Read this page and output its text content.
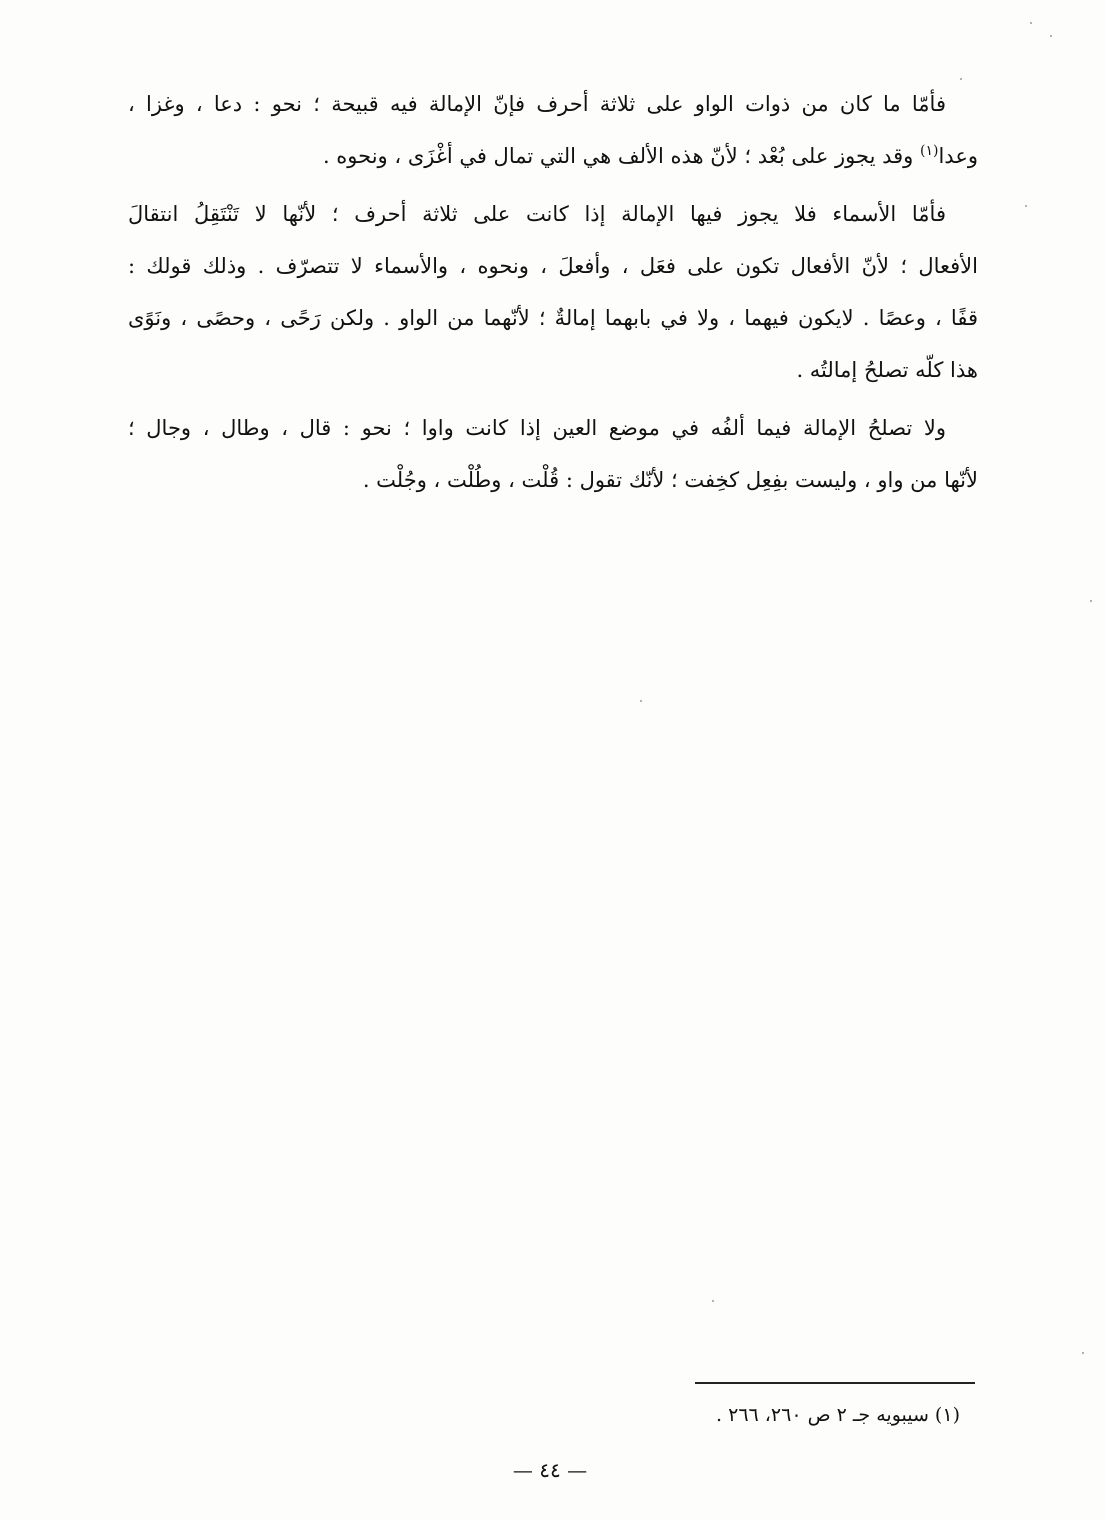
فأمّا ما كان من ذوات الواو على ثلاثة أحرف فإنّ الإمالة فيه قبيحة ؛ نحو : دعا ، وغزا ،
وعدا$^{(١)}$ وقد يجوز على بُعْد ؛ لأنّ هذه الألف هي التي تمال في أغْزَى ، ونحوه .

فأمّا الأسماء فلا يجوز فيها الإمالة إذا كانت على ثلاثة أحرف ؛ لأنّها لا تَنْتَقِلُ انتقالَ
الأفعال ؛ لأنّ الأفعال تكون على فعَل ، وأفعلَ ، ونحوه ، والأسماء لا تتصرّف . وذلك قولك :
قفًا ، وعصًا . لايكون فيهما ، ولا في بابهما إمالةٌ ؛ لأنّهما من الواو . ولكن رَحًى ، وحصًى ، ونَوًى
هذا كلّه تصلحُ إمالتُه .

ولا تصلحُ الإمالة فيما ألفُه في موضع العين إذا كانت واوا ؛ نحو : قال ، وطال ، وجال ؛
لأنّها من واو ، وليست بفِعِل كخِفت ؛ لأنّك تقول : قُلْت ، وطُلْت ، وجُلْت .

(١) سيبويه جـ ٢ ص ٢٦٠، ٢٦٦ .
— ٤٤ —
